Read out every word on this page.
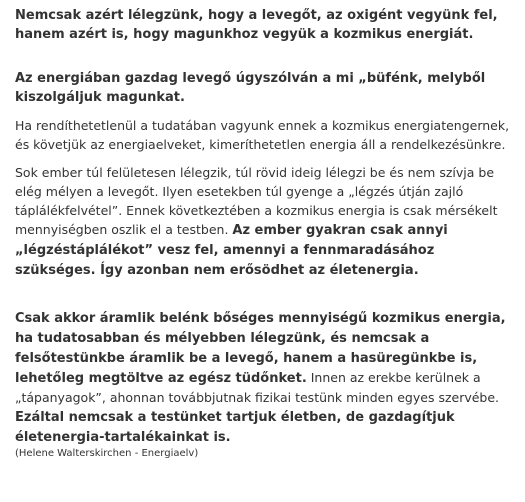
Nemcsak azért lélegzünk, hogy a levegőt, az oxigént vegyünk fel, hanem azért is, hogy magunkhoz vegyük a kozmikus energiát.

Az energiában gazdag levegő úgyszólván a mi „büfénk, melyből kiszolgáljuk magunkat.

Ha rendíthetetlenül a tudatában vagyunk ennek a kozmikus energiatengernek, és követjük az energiaelveket, kimeríthetetlen energia áll a rendelkezésünkre.

Sok ember túl felületesen lélegzik, túl rövid ideig lélegzi be és nem szívja be elég mélyen a levegőt. Ilyen esetekben túl gyenge a „légzés útján zajló táplálékfelvétel”. Ennek következtében a kozmikus energia is csak mérsékelt mennyiségben oszlik el a testben. Az ember gyakran csak annyi „légzéstáplálékot” vesz fel, amennyi a fennmaradásához szükséges. Így azonban nem erősödhet az életenergia.

Csak akkor áramlik belénk bőséges mennyiségű kozmikus energia, ha tudatosabban és mélyebben lélegzünk, és nemcsak a felsőtestünkbe áramlik be a levegő, hanem a hasüregünkbe is, lehetőleg megtöltve az egész tüdőnket. Innen az erekbe kerülnek a „tápanyagok”, ahonnan továbbjutnak fizikai testünk minden egyes szervébe. Ezáltal nemcsak a testünket tartjuk életben, de gazdagítjuk életenergia-tartalékainkat is.

(Helene Walterskirchen - Energiaelv)
